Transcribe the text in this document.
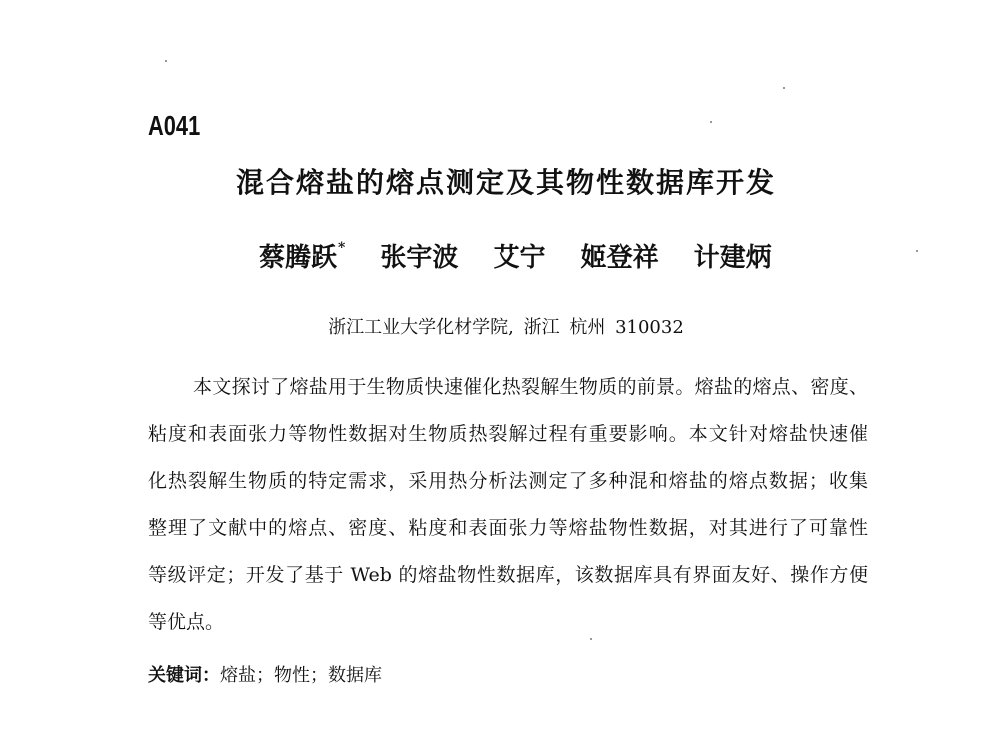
A041
混合熔盐的熔点测定及其物性数据库开发
蔡腾跃* 张宇波 艾宁 姬登祥 计建炳
浙江工业大学化材学院, 浙江 杭州 310032
本文探讨了熔盐用于生物质快速催化热裂解生物质的前景。熔盐的熔点、密度、
粘度和表面张力等物性数据对生物质热裂解过程有重要影响。本文针对熔盐快速催
化热裂解生物质的特定需求，采用热分析法测定了多种混和熔盐的熔点数据；收集
整理了文献中的熔点、密度、粘度和表面张力等熔盐物性数据，对其进行了可靠性
等级评定；开发了基于 Web 的熔盐物性数据库，该数据库具有界面友好、操作方便
等优点。
关键词：熔盐；物性；数据库
